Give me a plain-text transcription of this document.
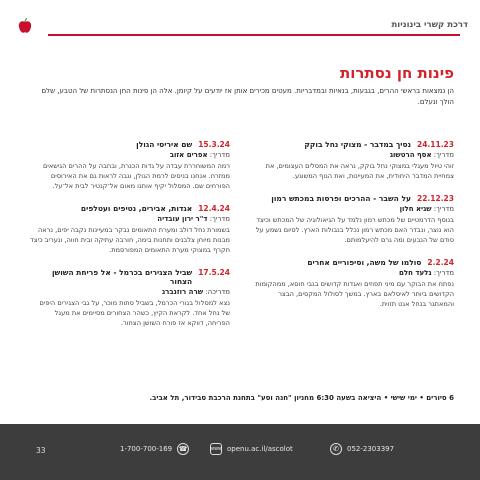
דרכת קשרי בינוניות
פינות חן נסתרות
הן נמצאות בראשי ההרים, בגבעות, בנאיות ובמדבריות. מעטים מכירים אותן אז יודעים על קיומן. אלה הן פינות החן הנסתרות של הטבע, שלם הולך ונעלם.
24.11.23
נסיך במדבר - מצוקי נחל בוקק
מדריך: אסף הרטשוג
זוהי טיול מעגלי במצוקי נחל בוקק, נראה את המסלים העצומים, את צמחיית המדבר היחודית, את המעיינות, ואת הנוף המשוגע.
22.12.23
על השבר - ההרכים ופרסות במכתש רמון
מדריך: שגיא חלון
בנוסף הדרמטיים של מכתש רמון נלמד על הגיאולוגיה של המכתש וכיצד הוא נוצר, ונבדר האם מכתש רמון נכלל בנבולות הארץ. לסיום נשמע על סודם של הנבעים ומה גרם להיעלמותם.
2.2.24
סולמו של משה, וסיפוריים אחרים
מדריך: גלעד חלם
נפתח את הבוקר עם מיני תפוזים ואגדות קדושים בגבי חוסא, ממהקומות הקדושים ביותר לאיסלאם בארץ. במשך לסולול המקסים, הבצר והמאתגר בנחל אגט תזוית.
15.3.24
שם איריסי הגולן
מדריך: אפרים אזוב
רמה המשוחררת עבדה על גדות הכנרת, ובחבה על ההרים הגישאים ממזרח. אנחנו בניסים לרמת הגולן, וגבה לראות גם את האירוסים הפורחים שם. המסלול יקיף אותנו מאום אל־קנטיר לבית אל־על.
12.4.24
אגדות, אבירים, נטיפים ועטלפים
מדריך: ד"ר ירון עובדיה
בשמורת נחל דולב ומערת התאומים נבקר במעיינות נקבה יפים, נראה מבנות מיוחן צלבנים ותחנות בימה, חורבה עתיקה ובית חווה, ונעריב כיצד חקרף במצוקי מערת התאומים המפורסמת.
17.5.24
שביל הצגירים בכרמל - אל פריחת השושן הצחור
מדריכה: שרה רוזנברג
נצא למסלול בגורי הכרמל, בשביל סתות מוכר, על גבי הצגירים היפים של נחל אחד. לקראת הקיץ, כשהר הצחורים מסיימים את מעגל הפריחה, דווקא אז פורח השושן הצחור.
6 סיורים • ימי שישי • היציאה בשעה 6:30 מחניון "חנה וסע" בתחנת הרכבת סבידור, תל אביב.
33	1-700-700-169 ☎	www openu.ac.il/ascolot	✆	052-2303397
